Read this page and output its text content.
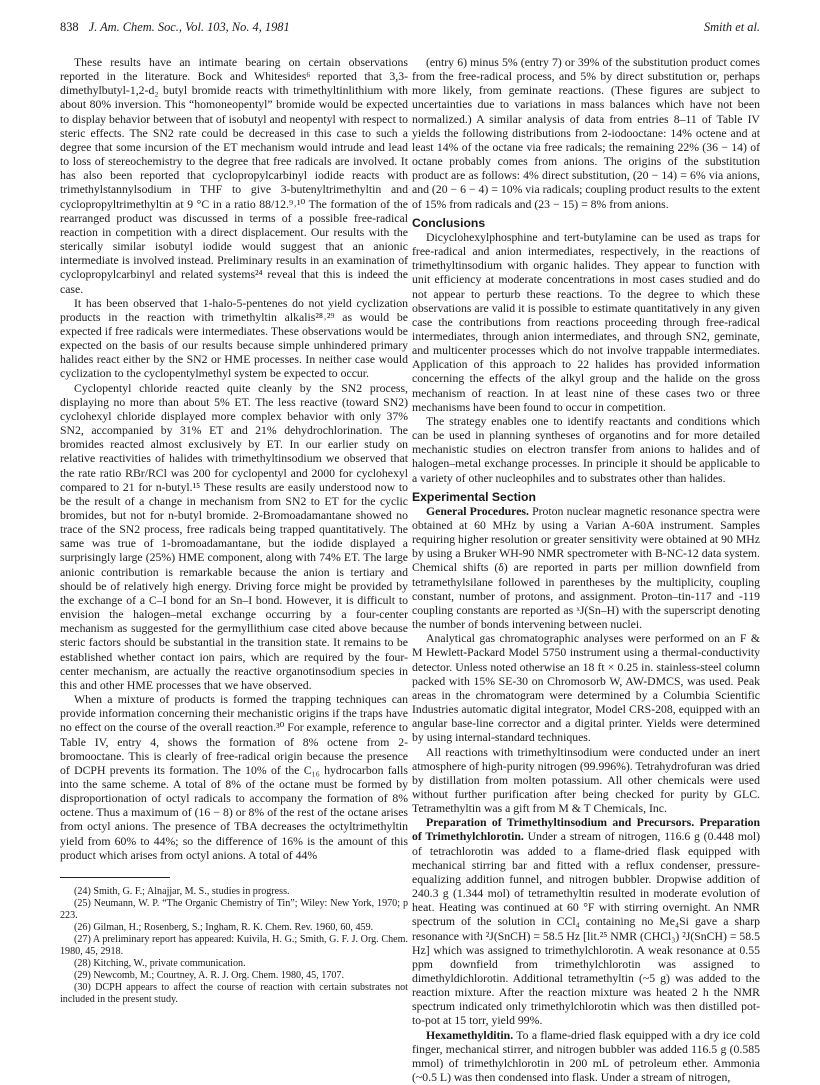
838 J. Am. Chem. Soc., Vol. 103, No. 4, 1981	Smith et al.

These results have an intimate bearing on certain observations reported in the literature. Bock and Whitesides⁶ reported that 3,3-dimethylbutyl-1,2-d₂ butyl bromide reacts with trimethyltinlithium with about 80% inversion. This “homoneopentyl” bromide would be expected to display behavior between that of isobutyl and neopentyl with respect to steric effects. The SN2 rate could be decreased in this case to such a degree that some incursion of the ET mechanism would intrude and lead to loss of stereochemistry to the degree that free radicals are involved. It has also been reported that cyclopropylcarbinyl iodide reacts with trimethylstannylsodium in THF to give 3-butenyltrimethyltin and cyclopropyltrimethyltin at 9 °C in a ratio 88/12.⁹˒¹⁰ The formation of the rearranged product was discussed in terms of a possible free-radical reaction in competition with a direct displacement. Our results with the sterically similar isobutyl iodide would suggest that an anionic intermediate is involved instead. Preliminary results in an examination of cyclopropylcarbinyl and related systems²⁴ reveal that this is indeed the case.

It has been observed that 1-halo-5-pentenes do not yield cyclization products in the reaction with trimethyltin alkalis²⁸˒²⁹ as would be expected if free radicals were intermediates. These observations would be expected on the basis of our results because simple unhindered primary halides react either by the SN2 or HME processes. In neither case would cyclization to the cyclopentylmethyl system be expected to occur.

Cyclopentyl chloride reacted quite cleanly by the SN2 process, displaying no more than about 5% ET. The less reactive (toward SN2) cyclohexyl chloride displayed more complex behavior with only 37% SN2, accompanied by 31% ET and 21% dehydrochlorination. The bromides reacted almost exclusively by ET. In our earlier study on relative reactivities of halides with trimethyltinsodium we observed that the rate ratio RBr/RCl was 200 for cyclopentyl and 2000 for cyclohexyl compared to 21 for n-butyl.¹⁵ These results are easily understood now to be the result of a change in mechanism from SN2 to ET for the cyclic bromides, but not for n-butyl bromide. 2-Bromoadamantane showed no trace of the SN2 process, free radicals being trapped quantitatively. The same was true of 1-bromoadamantane, but the iodide displayed a surprisingly large (25%) HME component, along with 74% ET. The large anionic contribution is remarkable because the anion is tertiary and should be of relatively high energy. Driving force might be provided by the exchange of a C–I bond for an Sn–I bond. However, it is difficult to envision the halogen–metal exchange occurring by a four-center mechanism as suggested for the germyllithium case cited above because steric factors should be substantial in the transition state. It remains to be established whether contact ion pairs, which are required by the four-center mechanism, are actually the reactive organotinsodium species in this and other HME processes that we have observed.

When a mixture of products is formed the trapping techniques can provide information concerning their mechanistic origins if the traps have no effect on the course of the overall reaction.³⁰ For example, reference to Table IV, entry 4, shows the formation of 8% octene from 2-bromooctane. This is clearly of free-radical origin because the presence of DCPH prevents its formation. The 10% of the C₁₆ hydrocarbon falls into the same scheme. A total of 8% of the octane must be formed by disproportionation of octyl radicals to accompany the formation of 8% octene. Thus a maximum of (16 − 8) or 8% of the rest of the octane arises from octyl anions. The presence of TBA decreases the octyltrimethyltin yield from 60% to 44%; so the difference of 16% is the amount of this product which arises from octyl anions. A total of 44%

(24) Smith, G. F.; Alnajjar, M. S., studies in progress.

(25) Neumann, W. P. “The Organic Chemistry of Tin”; Wiley: New York, 1970; p 223.

(26) Gilman, H.; Rosenberg, S.; Ingham, R. K. Chem. Rev. 1960, 60, 459.

(27) A preliminary report has appeared: Kuivila, H. G.; Smith, G. F. J. Org. Chem. 1980, 45, 2918.

(28) Kitching, W., private communication.

(29) Newcomb, M.; Courtney, A. R. J. Org. Chem. 1980, 45, 1707.

(30) DCPH appears to affect the course of reaction with certain substrates not included in the present study.

(entry 6) minus 5% (entry 7) or 39% of the substitution product comes from the free-radical process, and 5% by direct substitution or, perhaps more likely, from geminate reactions. (These figures are subject to uncertainties due to variations in mass balances which have not been normalized.) A similar analysis of data from entries 8–11 of Table IV yields the following distributions from 2-iodooctane: 14% octene and at least 14% of the octane via free radicals; the remaining 22% (36 − 14) of octane probably comes from anions. The origins of the substitution product are as follows: 4% direct substitution, (20 − 14) = 6% via anions, and (20 − 6 − 4) = 10% via radicals; coupling product results to the extent of 15% from radicals and (23 − 15) = 8% from anions.

Conclusions

Dicyclohexylphosphine and tert-butylamine can be used as traps for free-radical and anion intermediates, respectively, in the reactions of trimethyltinsodium with organic halides. They appear to function with unit efficiency at moderate concentrations in most cases studied and do not appear to perturb these reactions. To the degree to which these observations are valid it is possible to estimate quantitatively in any given case the contributions from reactions proceeding through free-radical intermediates, through anion intermediates, and through SN2, geminate, and multicenter processes which do not involve trappable intermediates. Application of this approach to 22 halides has provided information concerning the effects of the alkyl group and the halide on the gross mechanism of reaction. In at least nine of these cases two or three mechanisms have been found to occur in competition.

The strategy enables one to identify reactants and conditions which can be used in planning syntheses of organotins and for more detailed mechanistic studies on electron transfer from anions to halides and of halogen–metal exchange processes. In principle it should be applicable to a variety of other nucleophiles and to substrates other than halides.

Experimental Section

General Procedures. Proton nuclear magnetic resonance spectra were obtained at 60 MHz by using a Varian A-60A instrument. Samples requiring higher resolution or greater sensitivity were obtained at 90 MHz by using a Bruker WH-90 NMR spectrometer with B-NC-12 data system. Chemical shifts (δ) are reported in parts per million downfield from tetramethylsilane followed in parentheses by the multiplicity, coupling constant, number of protons, and assignment. Proton–tin-117 and -119 coupling constants are reported as ˣJ(Sn–H) with the superscript denoting the number of bonds intervening between nuclei.

Analytical gas chromatographic analyses were performed on an F & M Hewlett-Packard Model 5750 instrument using a thermal-conductivity detector. Unless noted otherwise an 18 ft × 0.25 in. stainless-steel column packed with 15% SE-30 on Chromosorb W, AW-DMCS, was used. Peak areas in the chromatogram were determined by a Columbia Scientific Industries automatic digital integrator, Model CRS-208, equipped with an angular base-line corrector and a digital printer. Yields were determined by using internal-standard techniques.

All reactions with trimethyltinsodium were conducted under an inert atmosphere of high-purity nitrogen (99.996%). Tetrahydrofuran was dried by distillation from molten potassium. All other chemicals were used without further purification after being checked for purity by GLC. Tetramethyltin was a gift from M & T Chemicals, Inc.

Preparation of Trimethyltinsodium and Precursors. Preparation of Trimethylchlorotin. Under a stream of nitrogen, 116.6 g (0.448 mol) of tetrachlorotin was added to a flame-dried flask equipped with mechanical stirring bar and fitted with a reflux condenser, pressure-equalizing addition funnel, and nitrogen bubbler. Dropwise addition of 240.3 g (1.344 mol) of tetramethyltin resulted in moderate evolution of heat. Heating was continued at 60 °F with stirring overnight. An NMR spectrum of the solution in CCl₄ containing no Me₄Si gave a sharp resonance with ²J(SnCH) = 58.5 Hz [lit.²⁵ NMR (CHCl₃) ²J(SnCH) = 58.5 Hz] which was assigned to trimethylchlorotin. A weak resonance at 0.55 ppm downfield from trimethylchlorotin was assigned to dimethyldichlorotin. Additional tetramethyltin (~5 g) was added to the reaction mixture. After the reaction mixture was heated 2 h the NMR spectrum indicated only trimethylchlorotin which was then distilled pot-to-pot at 15 torr, yield 99%.

Hexamethylditin. To a flame-dried flask equipped with a dry ice cold finger, mechanical stirrer, and nitrogen bubbler was added 116.5 g (0.585 mmol) of trimethylchlorotin in 200 mL of petroleum ether. Ammonia (~0.5 L) was then condensed into flask. Under a stream of nitrogen,
